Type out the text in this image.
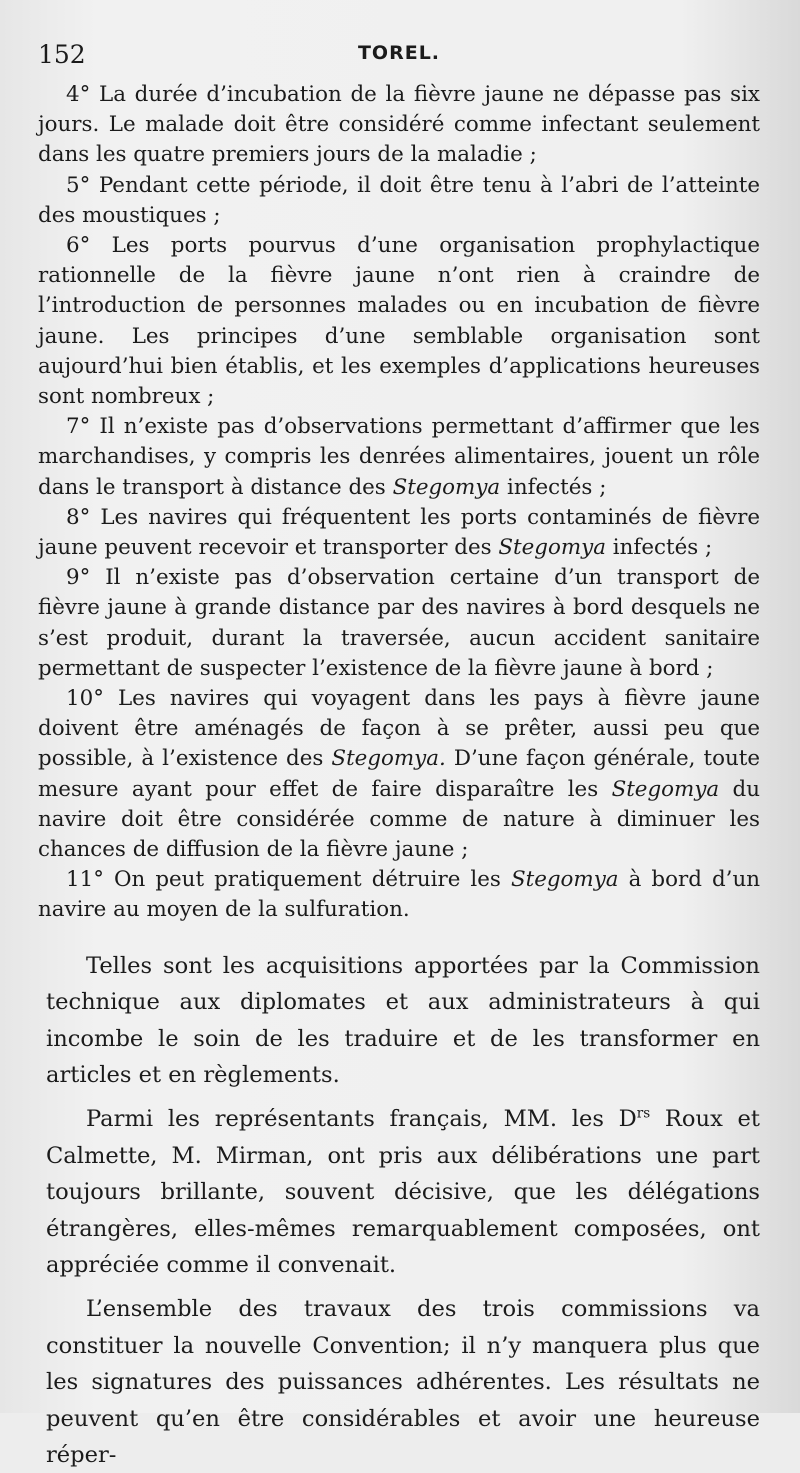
152	TOREL.

4° La durée d’incubation de la fièvre jaune ne dépasse pas six jours. Le malade doit être considéré comme infectant seulement dans les quatre premiers jours de la maladie ;

5° Pendant cette période, il doit être tenu à l’abri de l’atteinte des moustiques ;

6° Les ports pourvus d’une organisation prophylactique rationnelle de la fièvre jaune n’ont rien à craindre de l’introduction de personnes malades ou en incubation de fièvre jaune. Les principes d’une semblable organisation sont aujourd’hui bien établis, et les exemples d’applications heureuses sont nombreux ;

7° Il n’existe pas d’observations permettant d’affirmer que les marchandises, y compris les denrées alimentaires, jouent un rôle dans le transport à distance des Stegomya infectés ;

8° Les navires qui fréquentent les ports contaminés de fièvre jaune peuvent recevoir et transporter des Stegomya infectés ;

9° Il n’existe pas d’observation certaine d’un transport de fièvre jaune à grande distance par des navires à bord desquels ne s’est produit, durant la traversée, aucun accident sanitaire permettant de suspecter l’existence de la fièvre jaune à bord ;

10° Les navires qui voyagent dans les pays à fièvre jaune doivent être aménagés de façon à se prêter, aussi peu que possible, à l’existence des Stegomya. D’une façon générale, toute mesure ayant pour effet de faire disparaître les Stegomya du navire doit être considérée comme de nature à diminuer les chances de diffusion de la fièvre jaune ;

11° On peut pratiquement détruire les Stegomya à bord d’un navire au moyen de la sulfuration.

Telles sont les acquisitions apportées par la Commission technique aux diplomates et aux administrateurs à qui incombe le soin de les traduire et de les transformer en articles et en règlements.

Parmi les représentants français, MM. les $D^{rs}$ Roux et Calmette, M. Mirman, ont pris aux délibérations une part toujours brillante, souvent décisive, que les délégations étrangères, elles-mêmes remarquablement composées, ont appréciée comme il convenait.

L’ensemble des travaux des trois commissions va constituer la nouvelle Convention; il n’y manquera plus que les signatures des puissances adhérentes. Les résultats ne peuvent qu’en être considérables et avoir une heureuse réper-
